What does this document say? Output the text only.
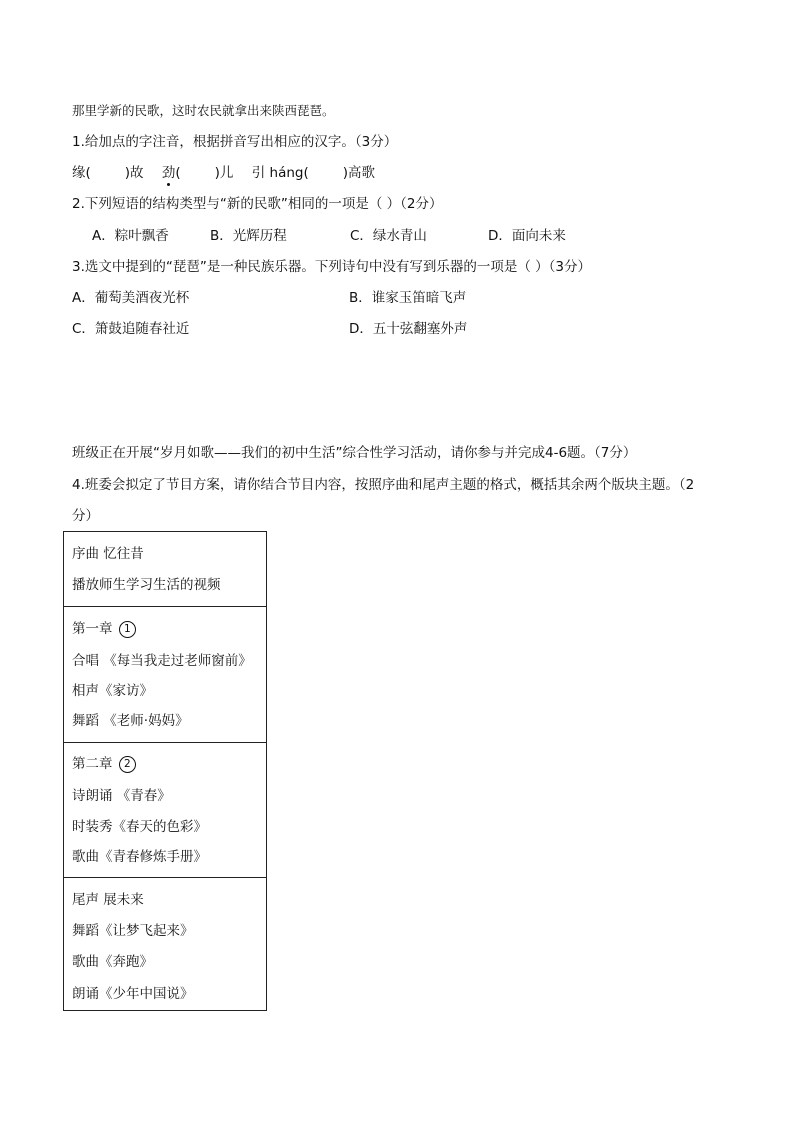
那里学新的民歌，这时农民就拿出来陕西琵琶。
1.给加点的字注音，根据拼音写出相应的汉字。（3分）
缘(	)故 劲(	)儿 引 háng(	)高歌
2.下列短语的结构类型与“新的民歌”相同的一项是（ ）（2分）
A．粽叶飘香	B．光辉历程	C．绿水青山	D．面向未来
3.选文中提到的“琵琶”是一种民族乐器。下列诗句中没有写到乐器的一项是（ ）（3分）
A．葡萄美酒夜光杯	B．谁家玉笛暗飞声
C．箫鼓追随春社近	D．五十弦翻塞外声
班级正在开展“岁月如歌——我们的初中生活”综合性学习活动，请你参与并完成4-6题。（7分）
4.班委会拟定了节目方案，请你结合节目内容，按照序曲和尾声主题的格式，概括其余两个版块主题。（2
分）
序曲 忆往昔
播放师生学习生活的视频
第一章 1
合唱 《每当我走过老师窗前》
相声《家访》
舞蹈 《老师·妈妈》
第二章 2
诗朗诵 《青春》
时装秀《春天的色彩》
歌曲《青春修炼手册》
尾声 展未来
舞蹈《让梦飞起来》
歌曲《奔跑》
朗诵《少年中国说》
